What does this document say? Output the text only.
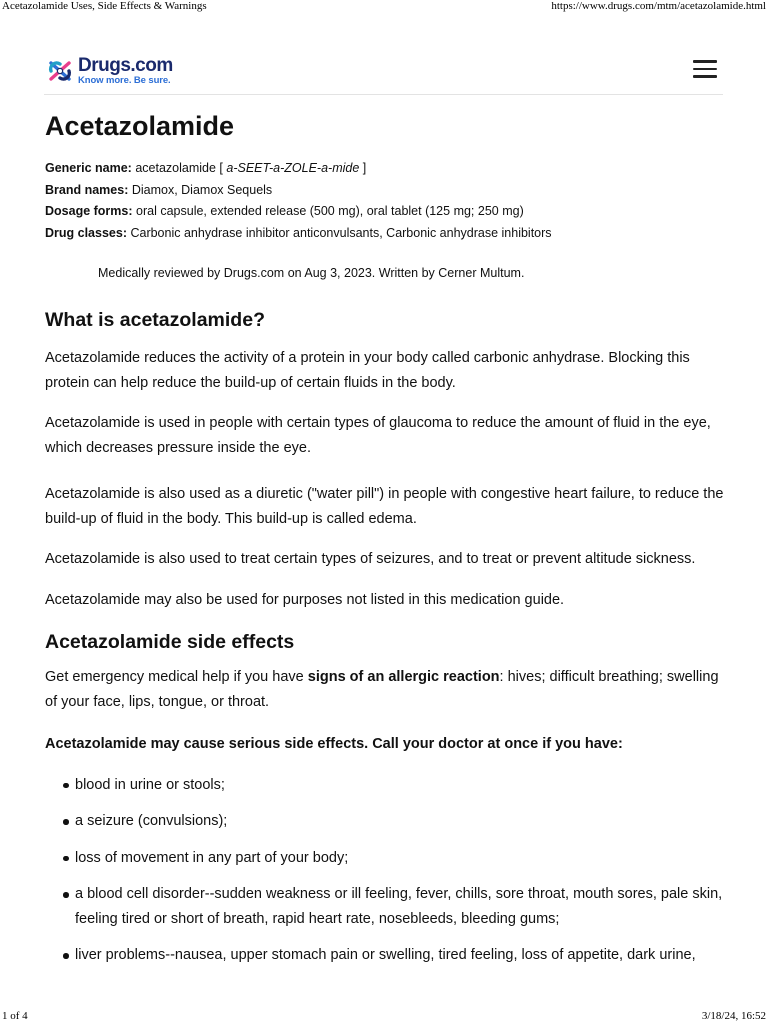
Acetazolamide Uses, Side Effects & Warnings	https://www.drugs.com/mtm/acetazolamide.html
Drugs.com
Know more. Be sure.
Acetazolamide
Generic name: acetazolamide [ a-SEET-a-ZOLE-a-mide ]
Brand names: Diamox, Diamox Sequels
Dosage forms: oral capsule, extended release (500 mg), oral tablet (125 mg; 250 mg)
Drug classes: Carbonic anhydrase inhibitor anticonvulsants, Carbonic anhydrase inhibitors
Medically reviewed by Drugs.com on Aug 3, 2023. Written by Cerner Multum.
What is acetazolamide?

Acetazolamide reduces the activity of a protein in your body called carbonic anhydrase. Blocking this protein can help reduce the build-up of certain fluids in the body.

Acetazolamide is used in people with certain types of glaucoma to reduce the amount of fluid in the eye, which decreases pressure inside the eye.

Acetazolamide is also used as a diuretic ("water pill") in people with congestive heart failure, to reduce the build-up of fluid in the body. This build-up is called edema.

Acetazolamide is also used to treat certain types of seizures, and to treat or prevent altitude sickness.

Acetazolamide may also be used for purposes not listed in this medication guide.

Acetazolamide side effects

Get emergency medical help if you have signs of an allergic reaction: hives; difficult breathing; swelling of your face, lips, tongue, or throat.

Acetazolamide may cause serious side effects. Call your doctor at once if you have:

blood in urine or stools;
a seizure (convulsions);
loss of movement in any part of your body;
a blood cell disorder--sudden weakness or ill feeling, fever, chills, sore throat, mouth sores, pale skin, feeling tired or short of breath, rapid heart rate, nosebleeds, bleeding gums;
liver problems--nausea, upper stomach pain or swelling, tired feeling, loss of appetite, dark urine,
1 of 4	3/18/24, 16:52
